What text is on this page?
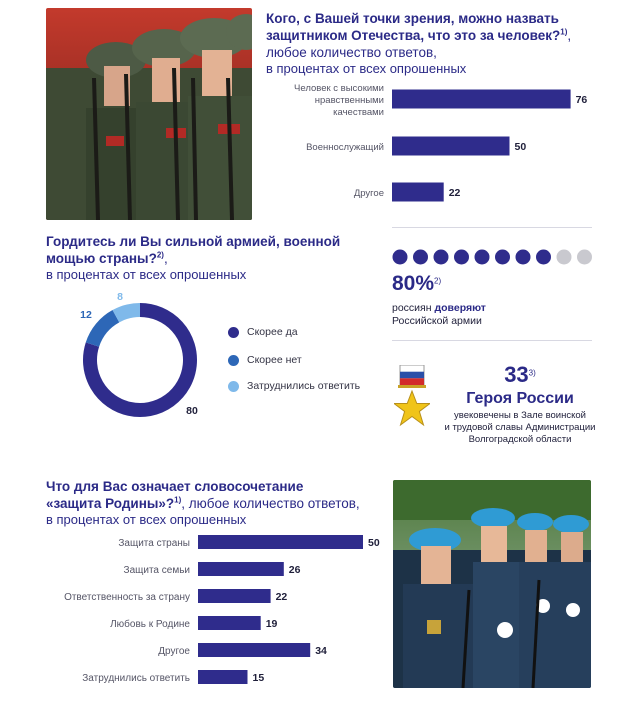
Кого, с Вашей точки зрения, можно назвать защитником Отечества, что это за человек?$^{1)}$, любое количество ответов,
в процентах от всех опрошенных
76
Человек с высокими нравственными качествами
50
Военнослужащий
22
Другое
Гордитесь ли Вы сильной армией, военной мощью страны?$^{2)}$,
в процентах от всех опрошенных
80
12
8
Скорее да
Скорее нет
Затруднились ответить
80%$^{2)}$
россиян доверяют
Российской армии
33$^{3)}$
Героя России
увековечены в Зале воинской
и трудовой славы Администрации
Волгоградской области
Что для Вас означает словосочетание
«защита Родины»?$^{1)}$, любое количество ответов,
в процентах от всех опрошенных
50
Защита страны
26
Защита семьи
22
Ответственность за страну
19
Любовь к Родине
34
Другое
15
Затруднились ответить
